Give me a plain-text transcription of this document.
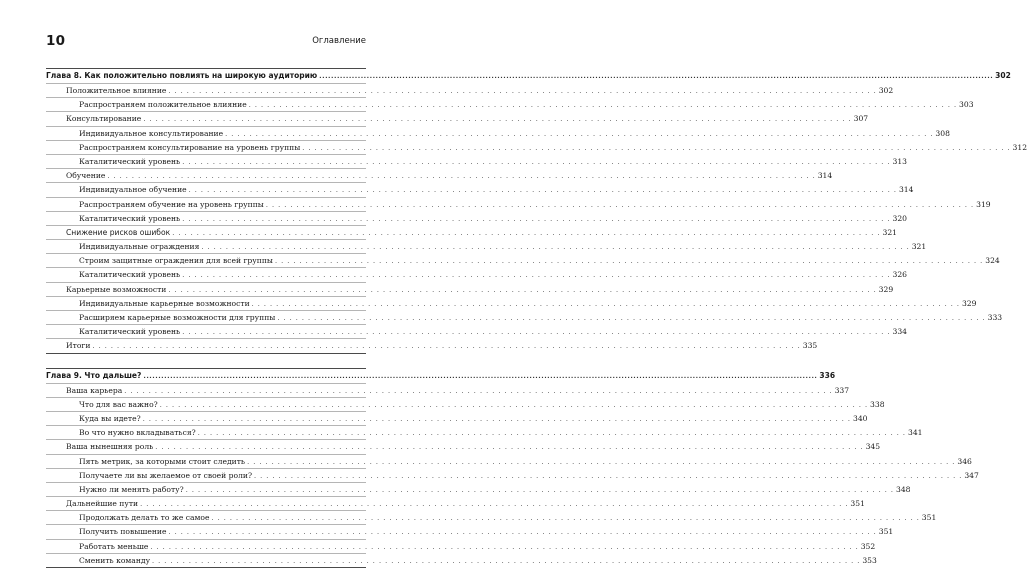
10	Оглавление
Глава 8. Как положительно повлиять на широкую аудиторию .....	302
Положительное влияние . . .	302
Распространяем положительное влияние . . .	303
Консультирование . . .	307
Индивидуальное консультирование . . .	308
Распространяем консультирование на уровень группы . . .	312
Каталитический уровень . . .	313
Обучение . . .	314
Индивидуальное обучение . . .	314
Распространяем обучение на уровень группы . . .	319
Каталитический уровень . . .	320
Снижение рисков ошибок . . .	321
Индивидуальные ограждения . . .	321
Строим защитные ограждения для всей группы . . .	324
Каталитический уровень . . .	326
Карьерные возможности . . .	329
Индивидуальные карьерные возможности . . .	329
Расширяем карьерные возможности для группы . . .	333
Каталитический уровень . . .	334
Итоги . . .	335
Глава 9. Что дальше? .....	336
Ваша карьера . . .	337
Что для вас важно? . . .	338
Куда вы идете? . . .	340
Во что нужно вкладываться? . . .	341
Ваша нынешняя роль . . .	345
Пять метрик, за которыми стоит следить . . .	346
Получаете ли вы желаемое от своей роли? . . .	347
Нужно ли менять работу? . . .	348
Дальнейшие пути . . .	351
Продолжать делать то же самое . . .	351
Получить повышение . . .	351
Работать меньше . . .	352
Сменить команду . . .	353
